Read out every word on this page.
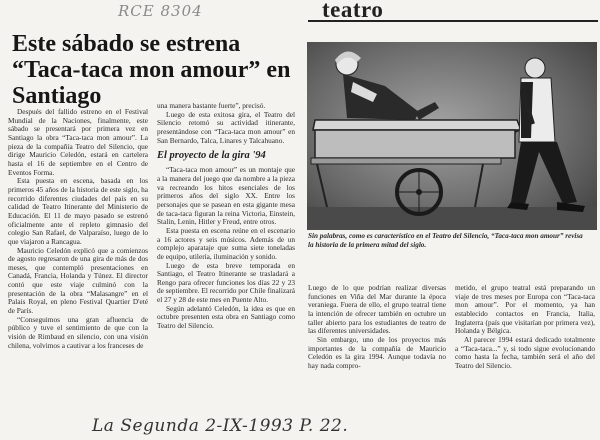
RCE 8304	teatro
Este sábado se estrena “Taca-taca mon amour” en Santiago

Después del fallido estreno en el Festival Mundial de la Naciones, finalmente, este sábado se presentará por primera vez en Santiago la obra “Taca-taca mon amour”. La pieza de la compañía Teatro del Silencio, que dirige Mauricio Celedón, estará en cartelera hasta el 16 de septiembre en el Centro de Eventos Forma.

Esta puesta en escena, basada en los primeros 45 años de la historia de este siglo, ha recorrido diferentes ciudades del país en su calidad de Teatro Itinerante del Ministerio de Educación. El 11 de mayo pasado se estrenó oficialmente ante el repleto gimnasio del colegio San Rafael, de Valparaíso, luego de lo que viajaron a Rancagua.

Mauricio Celedón explicó que a comienzos de agosto regresaron de una gira de más de dos meses, que contempló presentaciones en Canadá, Francia, Holanda y Túnez. El director contó que este viaje culminó con la presentación de la obra “Malasangre” en el Palais Royal, en pleno Festival Quartier D'eté de París.

“Conseguimos una gran afluencia de público y tuve el sentimiento de que con la visión de Rimbaud en silencio, con una visión chilena, volvimos a cautivar a los franceses de

una manera bastante fuerte”, precisó.

Luego de esta exitosa gira, el Teatro del Silencio retomó su actividad itinerante, presentándose con “Taca-taca mon amour” en San Bernardo, Talca, Linares y Talcahuano.

El proyecto de la gira '94

“Taca-taca mon amour” es un montaje que a la manera del juego que da nombre a la pieza va recreando los hitos esenciales de los primeros años del siglo XX. Entre los personajes que se pasean en esta gigante mesa de taca-taca figuran la reina Victoria, Einstein, Stalin, Lenin, Hitler y Freud, entre otros.

Esta puesta en escena reúne en el escenario a 16 actores y seis músicos. Además de un complejo aparataje que suma siete toneladas de equipo, utilería, iluminación y sonido.

Luego de esta breve temporada en Santiago, el Teatro Itinerante se trasladará a Rengo para ofrecer funciones los días 22 y 23 de septiembre. El recorrido por Chile finalizará el 27 y 28 de este mes en Puente Alto.

Según adelantó Celedón, la idea es que en octubre presenten esta obra en Santiago como Teatro del Silencio.

Sin palabras, como es característico en el Teatro del Silencio, “Taca-taca mon amour” revisa la historia de la primera mitad del siglo.

Luego de lo que podrían realizar diversas funciones en Viña del Mar durante la época veraniega. Fuera de ello, el grupo teatral tiene la intención de ofrecer también en octubre un taller abierto para los estudiantes de teatro de las diferentes universidades.

Sin embargo, uno de los proyectos más importantes de la compañía de Mauricio Celedón es la gira 1994. Aunque todavía no hay nada compro-

metido, el grupo teatral está preparando un viaje de tres meses por Europa con “Taca-taca mon amour”. Por el momento, ya han establecido contactos en Francia, Italia, Inglaterra (país que visitarían por primera vez), Holanda y Bélgica.

Al parecer 1994 estará dedicado totalmente a “Taca-taca...” y, si todo sigue evolucionando como hasta la fecha, también será el año del Teatro del Silencio.

La Segunda 2-IX-1993 P. 22.
